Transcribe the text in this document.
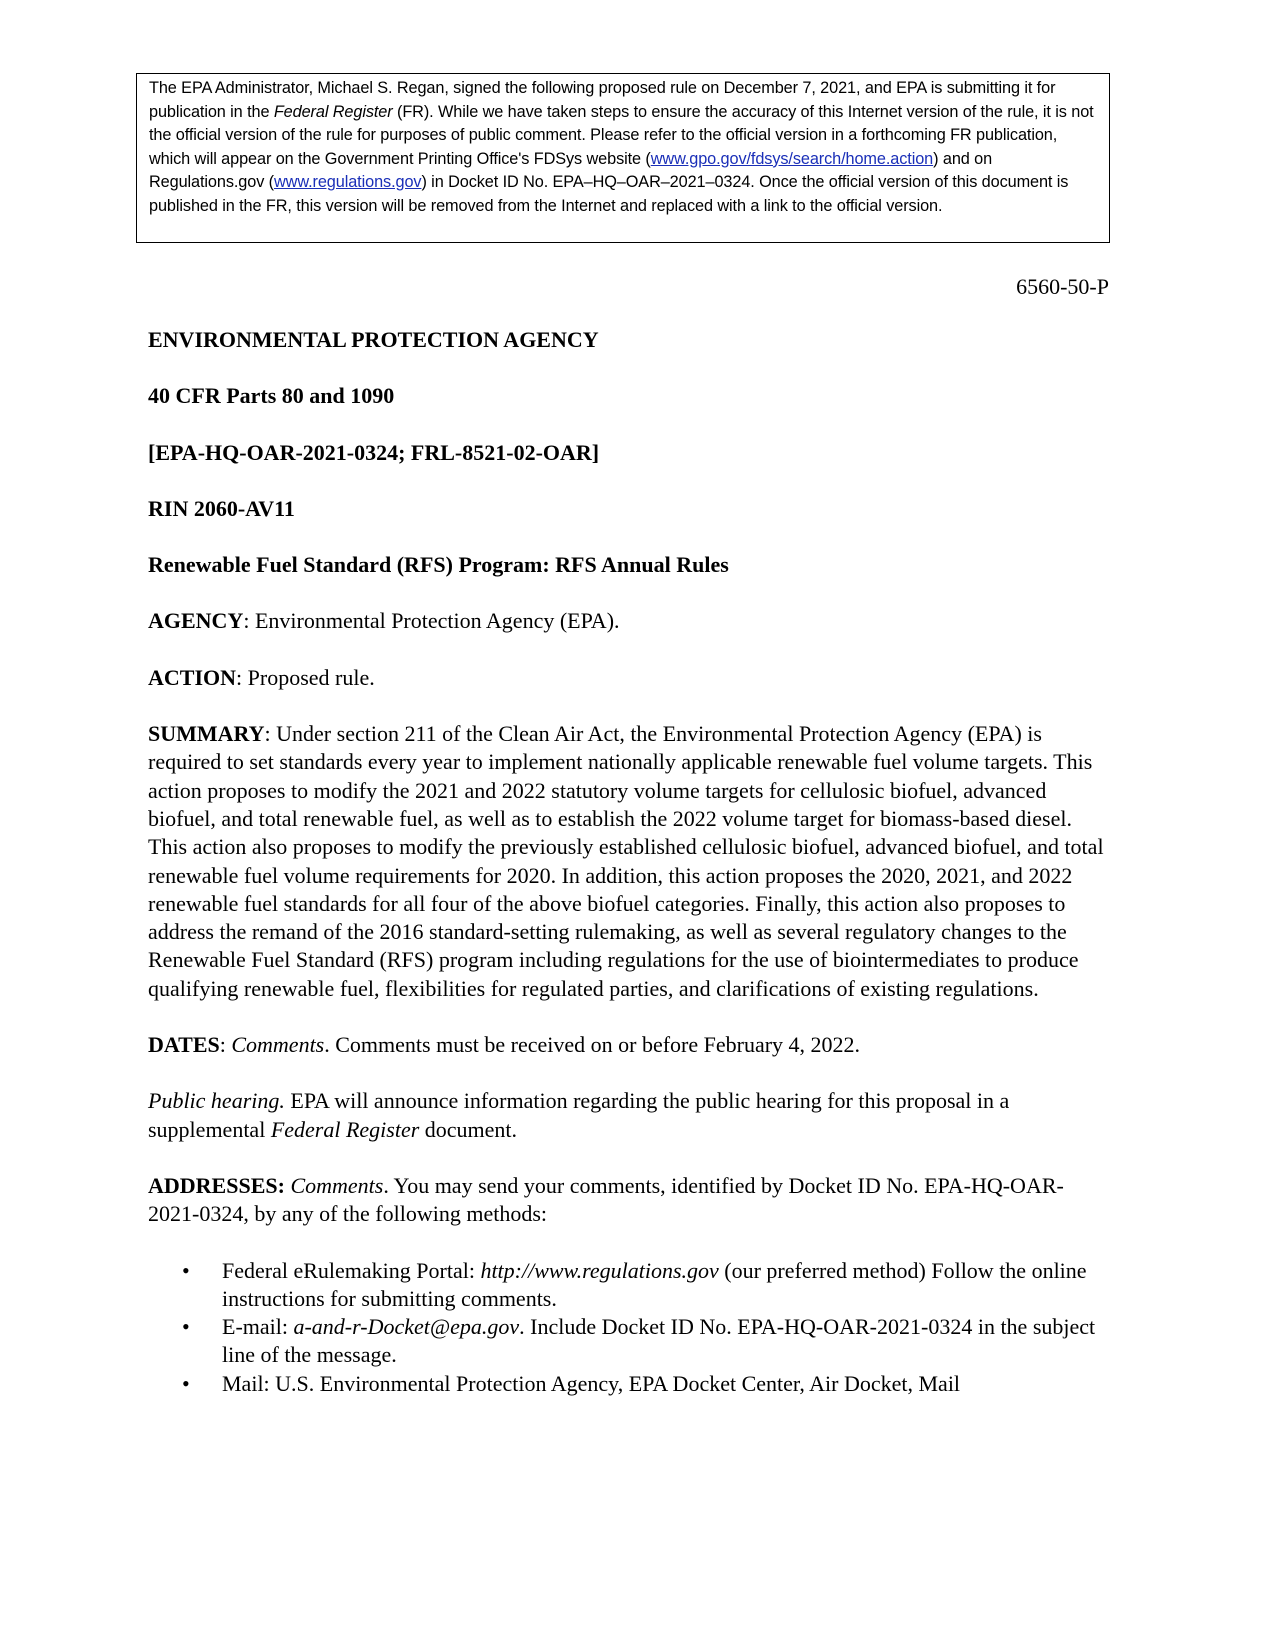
The EPA Administrator, Michael S. Regan, signed the following proposed rule on December 7, 2021, and EPA is submitting it for publication in the Federal Register (FR). While we have taken steps to ensure the accuracy of this Internet version of the rule, it is not the official version of the rule for purposes of public comment. Please refer to the official version in a forthcoming FR publication, which will appear on the Government Printing Office's FDSys website (www.gpo.gov/fdsys/search/home.action) and on Regulations.gov (www.regulations.gov) in Docket ID No. EPA–HQ–OAR–2021–0324. Once the official version of this document is published in the FR, this version will be removed from the Internet and replaced with a link to the official version.
6560-50-P

ENVIRONMENTAL PROTECTION AGENCY

40 CFR Parts 80 and 1090

[EPA-HQ-OAR-2021-0324; FRL-8521-02-OAR]

RIN 2060-AV11

Renewable Fuel Standard (RFS) Program: RFS Annual Rules

AGENCY: Environmental Protection Agency (EPA).

ACTION: Proposed rule.

SUMMARY: Under section 211 of the Clean Air Act, the Environmental Protection Agency (EPA) is required to set standards every year to implement nationally applicable renewable fuel volume targets. This action proposes to modify the 2021 and 2022 statutory volume targets for cellulosic biofuel, advanced biofuel, and total renewable fuel, as well as to establish the 2022 volume target for biomass-based diesel. This action also proposes to modify the previously established cellulosic biofuel, advanced biofuel, and total renewable fuel volume requirements for 2020. In addition, this action proposes the 2020, 2021, and 2022 renewable fuel standards for all four of the above biofuel categories. Finally, this action also proposes to address the remand of the 2016 standard-setting rulemaking, as well as several regulatory changes to the Renewable Fuel Standard (RFS) program including regulations for the use of biointermediates to produce qualifying renewable fuel, flexibilities for regulated parties, and clarifications of existing regulations.

DATES: Comments. Comments must be received on or before February 4, 2022.

Public hearing. EPA will announce information regarding the public hearing for this proposal in a supplemental Federal Register document.

ADDRESSES: Comments. You may send your comments, identified by Docket ID No. EPA-HQ-OAR-2021-0324, by any of the following methods:

• Federal eRulemaking Portal: http://www.regulations.gov (our preferred method) Follow the online instructions for submitting comments.
• E-mail: a-and-r-Docket@epa.gov. Include Docket ID No. EPA-HQ-OAR-2021-0324 in the subject line of the message.
• Mail: U.S. Environmental Protection Agency, EPA Docket Center, Air Docket, Mail
